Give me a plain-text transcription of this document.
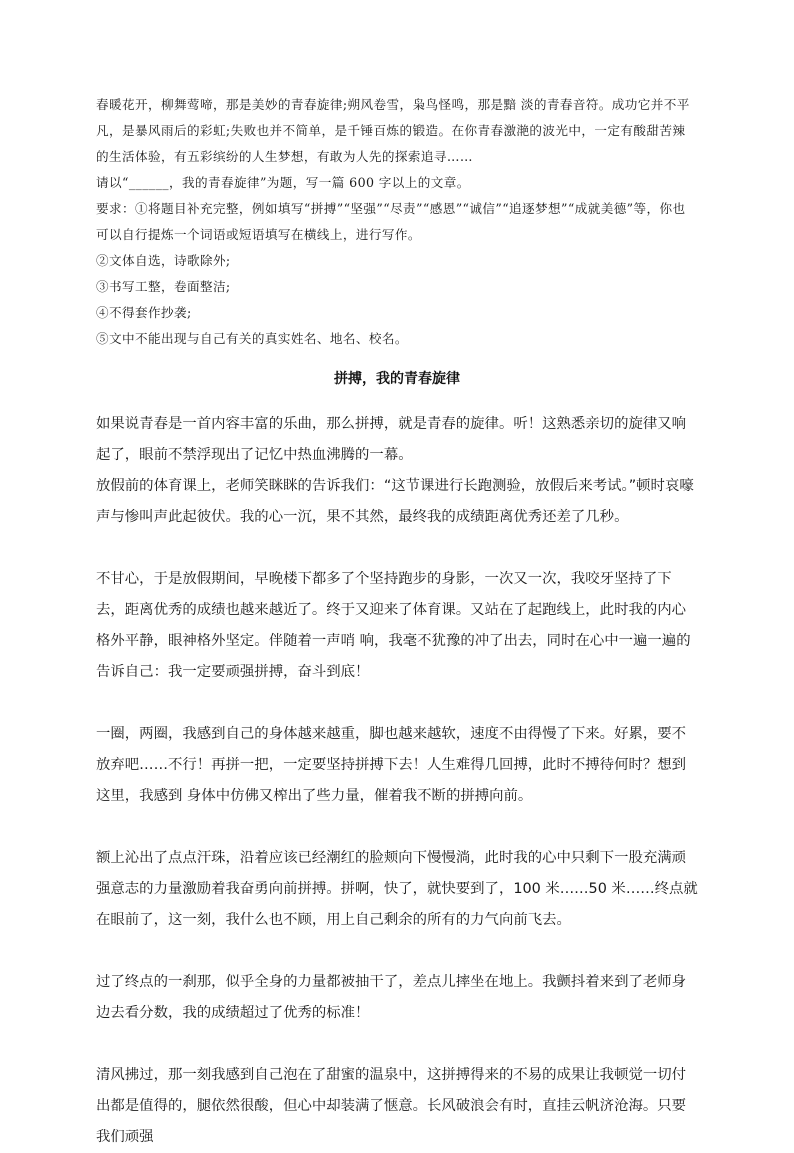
春暖花开，柳舞莺啼，那是美妙的青春旋律;朔风卷雪，枭鸟怪鸣，那是黯 淡的青春音符。成功它并不平凡，是暴风雨后的彩虹;失败也并不简单，是千锤百炼的锻造。在你青春激滟的波光中，一定有酸甜苦辣的生活体验，有五彩缤纷的人生梦想，有敢为人先的探索追寻……

请以“______，我的青春旋律”为题，写一篇 600 字以上的文章。

要求：①将题目补充完整，例如填写“拼搏”“坚强”“尽责”“感恩”“诚信”“追逐梦想”“成就美德”等，你也可以自行提炼一个词语或短语填写在横线上，进行写作。

②文体自选，诗歌除外;

③书写工整，卷面整洁;

④不得套作抄袭;

⑤文中不能出现与自己有关的真实姓名、地名、校名。

拼搏，我的青春旋律

如果说青春是一首内容丰富的乐曲，那么拼搏，就是青春的旋律。听！这熟悉亲切的旋律又响起了，眼前不禁浮现出了记忆中热血沸腾的一幕。

放假前的体育课上，老师笑眯眯的告诉我们：“这节课进行长跑测验，放假后来考试。”顿时哀嚎声与惨叫声此起彼伏。我的心一沉，果不其然，最终我的成绩距离优秀还差了几秒。

不甘心，于是放假期间，早晚楼下都多了个坚持跑步的身影，一次又一次，我咬牙坚持了下去，距离优秀的成绩也越来越近了。终于又迎来了体育课。又站在了起跑线上，此时我的内心格外平静，眼神格外坚定。伴随着一声哨 响，我毫不犹豫的冲了出去，同时在心中一遍一遍的告诉自己：我一定要顽强拼搏，奋斗到底！

一圈，两圈，我感到自己的身体越来越重，脚也越来越软，速度不由得慢了下来。好累，要不放弃吧……不行！再拼一把，一定要坚持拼搏下去！人生难得几回搏，此时不搏待何时？想到这里，我感到 身体中仿佛又榨出了些力量，催着我不断的拼搏向前。

额上沁出了点点汗珠，沿着应该已经潮红的脸颊向下慢慢淌，此时我的心中只剩下一股充满顽强意志的力量激励着我奋勇向前拼搏。拼啊，快了，就快要到了，100 米……50 米……终点就在眼前了，这一刻，我什么也不顾，用上自己剩余的所有的力气向前飞去。

过了终点的一刹那，似乎全身的力量都被抽干了，差点儿摔坐在地上。我颤抖着来到了老师身边去看分数，我的成绩超过了优秀的标准！

清风拂过，那一刻我感到自己泡在了甜蜜的温泉中，这拼搏得来的不易的成果让我顿觉一切付出都是值得的，腿依然很酸，但心中却装满了惬意。长风破浪会有时，直挂云帆济沧海。只要我们顽强
